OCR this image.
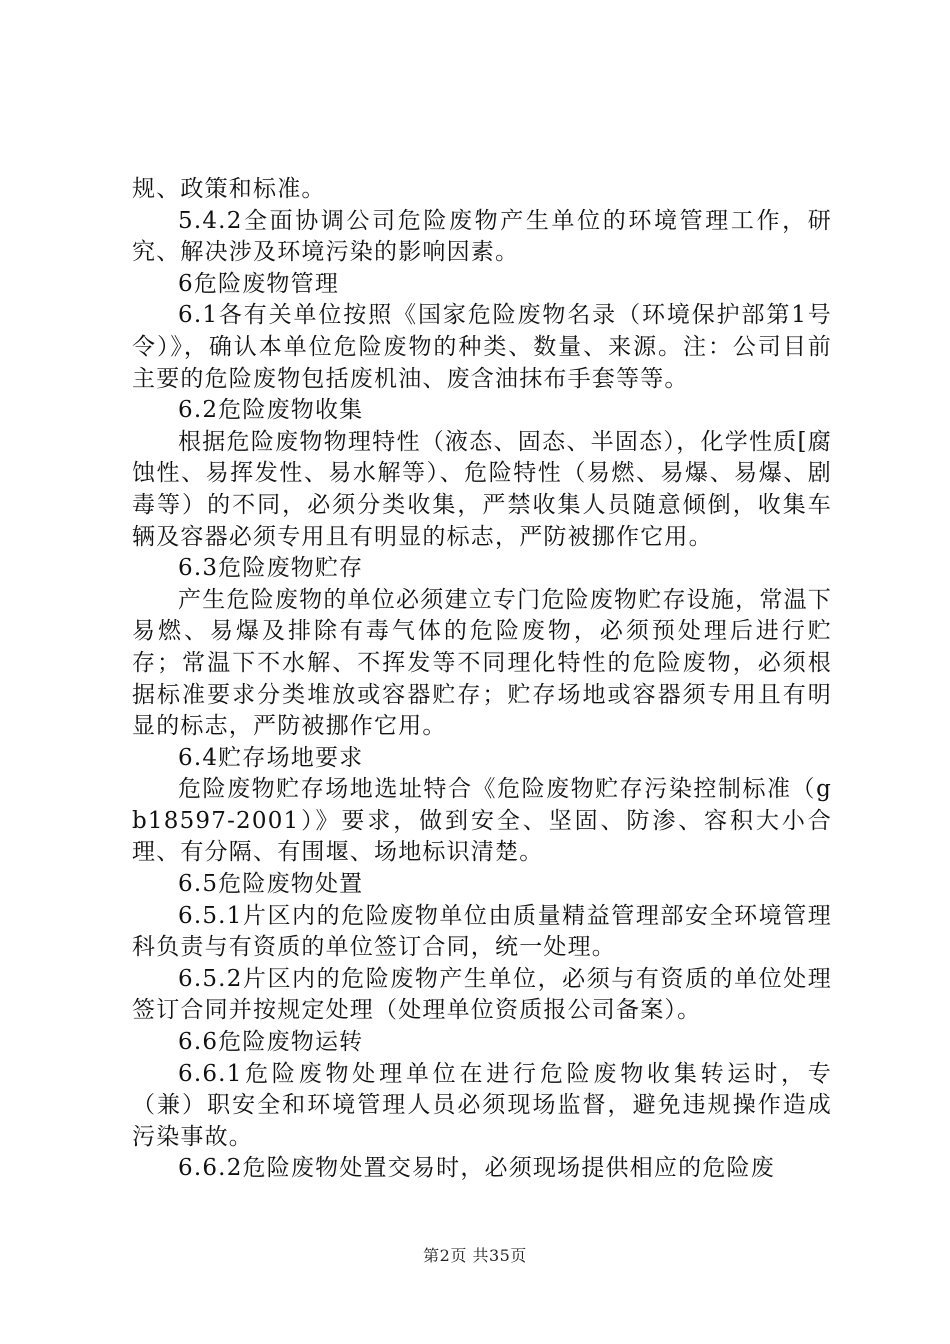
规、政策和标准。

5.4.2全面协调公司危险废物产生单位的环境管理工作，研究、解决涉及环境污染的影响因素。

6危险废物管理

6.1各有关单位按照《国家危险废物名录（环境保护部第1号令）》，确认本单位危险废物的种类、数量、来源。注：公司目前主要的危险废物包括废机油、废含油抹布手套等等。

6.2危险废物收集

根据危险废物物理特性（液态、固态、半固态），化学性质[腐蚀性、易挥发性、易水解等）、危险特性（易燃、易爆、易爆、剧毒等）的不同，必须分类收集，严禁收集人员随意倾倒，收集车辆及容器必须专用且有明显的标志，严防被挪作它用。

6.3危险废物贮存

产生危险废物的单位必须建立专门危险废物贮存设施，常温下易燃、易爆及排除有毒气体的危险废物，必须预处理后进行贮存；常温下不水解、不挥发等不同理化特性的危险废物，必须根据标准要求分类堆放或容器贮存；贮存场地或容器须专用且有明显的标志，严防被挪作它用。

6.4贮存场地要求

危险废物贮存场地选址特合《危险废物贮存污染控制标准（gb18597-2001）》要求，做到安全、坚固、防渗、容积大小合理、有分隔、有围堰、场地标识清楚。

6.5危险废物处置

6.5.1片区内的危险废物单位由质量精益管理部安全环境管理科负责与有资质的单位签订合同，统一处理。

6.5.2片区内的危险废物产生单位，必须与有资质的单位处理签订合同并按规定处理（处理单位资质报公司备案）。

6.6危险废物运转

6.6.1危险废物处理单位在进行危险废物收集转运时，专（兼）职安全和环境管理人员必须现场监督，避免违规操作造成污染事故。

6.6.2危险废物处置交易时，必须现场提供相应的危险废

第2页 共35页
